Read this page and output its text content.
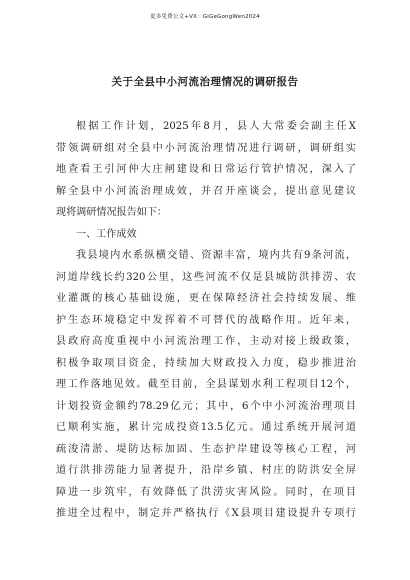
更多免费公文+VX：GiGeGongWen2024
关于全县中小河流治理情况的调研报告
根据工作计划，2025年8月，县人大常委会副主任X
带领调研组对全县中小河流治理情况进行调研，调研组实
地查看王引河仲大庄闸建设和日常运行管护情况，深入了
解全县中小河流治理成效，并召开座谈会，提出意见建议
现将调研情况报告如下：
一、工作成效
我县境内水系纵横交错、资源丰富，境内共有9条河流，
河道岸线长约320公里，这些河流不仅是县城防洪排涝、农
业灌溉的核心基础设施，更在保障经济社会持续发展、维
护生态环境稳定中发挥着不可替代的战略作用。近年来，
县政府高度重视中小河流治理工作，主动对接上级政策，
积极争取项目资金，持续加大财政投入力度，稳步推进治
理工作落地见效。截至目前，全县谋划水利工程项目12个，
计划投资金额约78.29亿元；其中，6个中小河流治理项目
已顺利实施，累计完成投资13.5亿元。通过系统开展河道
疏浚清淤、堤防达标加固、生态护岸建设等核心工程，河
道行洪排涝能力显著提升，沿岸乡镇、村庄的防洪安全屏
障进一步筑牢，有效降低了洪涝灾害风险。同时，在项目
推进全过程中，制定并严格执行《X县项目建设提升专项行
